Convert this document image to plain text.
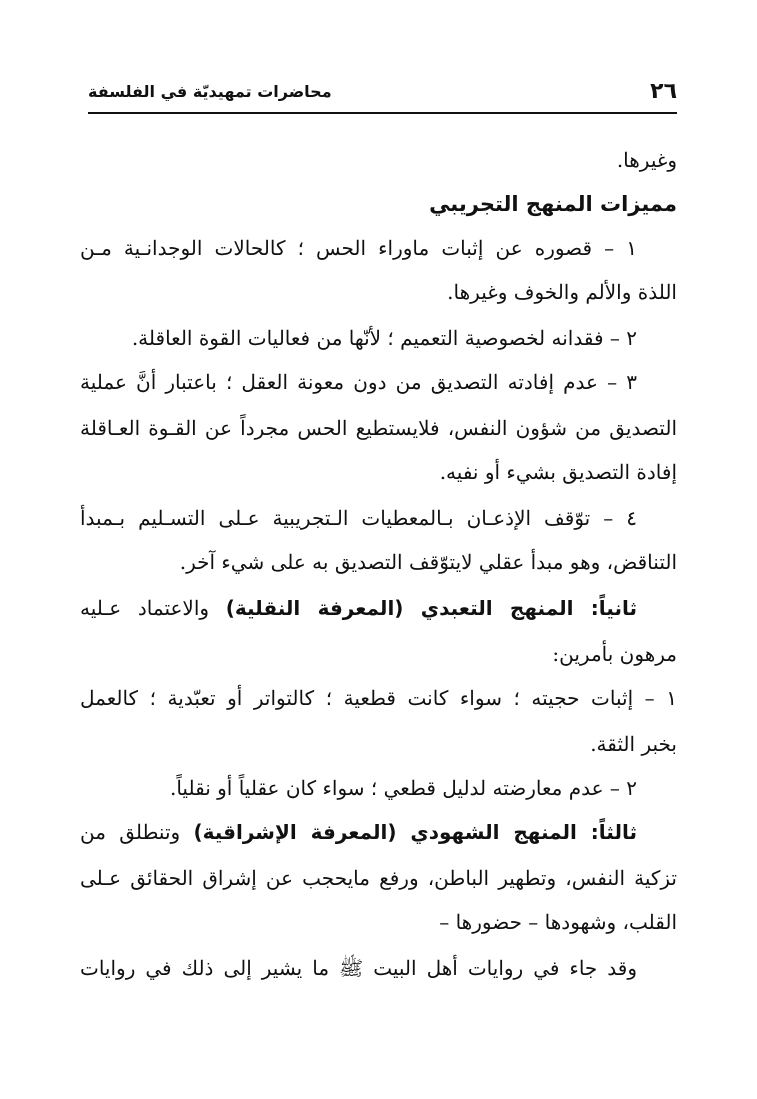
٢٦
محاضرات تمهيديّة في الفلسفة
وغيرها.
مميزات المنهج التجريبي
١ – قصوره عن إثبات ماوراء الحس ؛ كالحالات الوجدانـية مـن
اللذة والألم والخوف وغيرها.
٢ – فقدانه لخصوصية التعميم ؛ لأنّها من فعاليات القوة العاقلة.
٣ – عدم إفادته التصديق من دون معونة العقل ؛ باعتبار أنَّ عملية
التصديق من شؤون النفس، فلايستطيع الحس مجرداً عن القـوة العـاقلة
إفادة التصديق بشيء أو نفيه.
٤ – توّقف الإذعـان بـالمعطيات الـتجريبية عـلى التسـليم بـمبدأ
التناقض، وهو مبدأ عقلي لايتوّقف التصديق به على شيء آخر.
ثانياً: المنهج التعبدي (المعرفة النقلية) والاعتماد عـليه
مرهون بأمرين:
١ – إثبات حجيته ؛ سواء كانت قطعية ؛ كالتواتر أو تعبّدية ؛ كالعمل
بخبر الثقة.
٢ – عدم معارضته لدليل قطعي ؛ سواء كان عقلياً أو نقلياً.
ثالثاً: المنهج الشهودي (المعرفة الإشراقية) وتنطلق من
تزكية النفس، وتطهير الباطن، ورفع مايحجب عن إشراق الحقائق عـلى
القلب، وشهودها – حضورها –
وقد جاء في روايات أهل البيت ﷺ ما يشير إلى ذلك في روايات
